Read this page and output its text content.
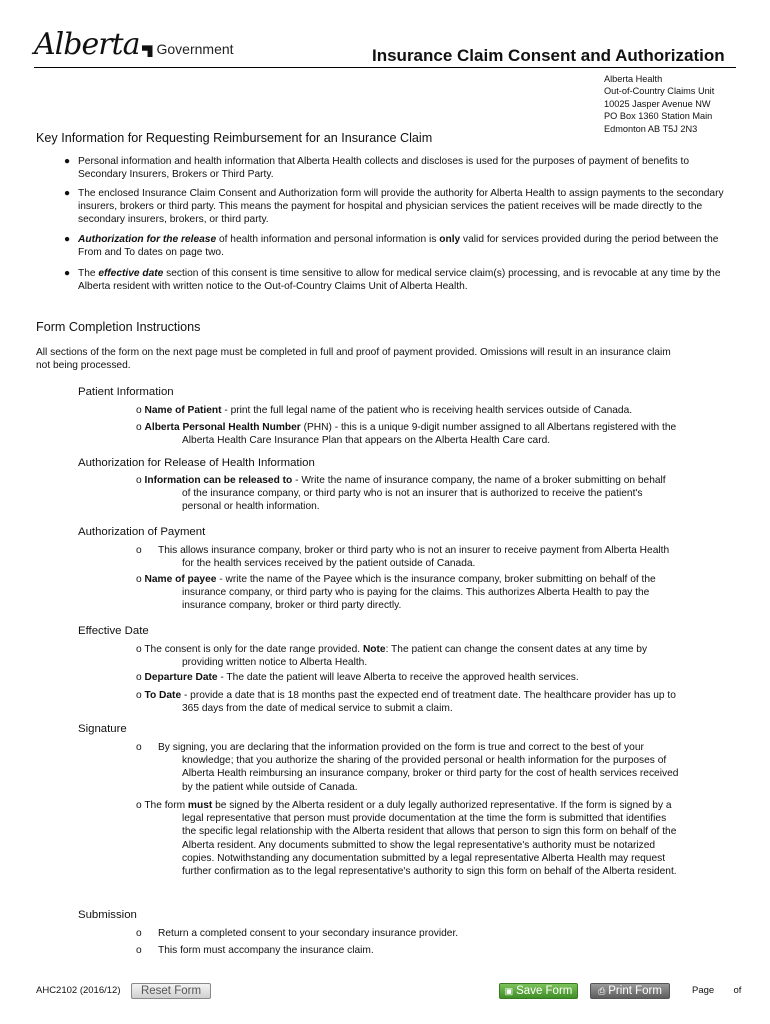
Alberta Government	Insurance Claim Consent and Authorization
Alberta Health
Out-of-Country Claims Unit
10025 Jasper Avenue NW
PO Box 1360 Station Main
Edmonton AB T5J 2N3
Key Information for Requesting Reimbursement for an Insurance Claim
● Personal information and health information that Alberta Health collects and discloses is used for the purposes of payment of benefits to Secondary Insurers, Brokers or Third Party.
● The enclosed Insurance Claim Consent and Authorization form will provide the authority for Alberta Health to assign payments to the secondary insurers, brokers or third party. This means the payment for hospital and physician services the patient receives will be made directly to the secondary insurers, brokers, or third party.
● Authorization for the release of health information and personal information is only valid for services provided during the period between the From and To dates on page two.
● The effective date section of this consent is time sensitive to allow for medical service claim(s) processing, and is revocable at any time by the Alberta resident with written notice to the Out-of-Country Claims Unit of Alberta Health.
Form Completion Instructions
All sections of the form on the next page must be completed in full and proof of payment provided. Omissions will result in an insurance claim
not being processed.
Patient Information
o Name of Patient - print the full legal name of the patient who is receiving health services outside of Canada.
o Alberta Personal Health Number (PHN) - this is a unique 9-digit number assigned to all Albertans registered with the
Alberta Health Care Insurance Plan that appears on the Alberta Health Care card.
Authorization for Release of Health Information
o Information can be released to - Write the name of insurance company, the name of a broker submitting on behalf
of the insurance company, or third party who is not an insurer that is authorized to receive the patient's
personal or health information.
Authorization of Payment
o This allows insurance company, broker or third party who is not an insurer to receive payment from Alberta Health
for the health services received by the patient outside of Canada.
o Name of payee - write the name of the Payee which is the insurance company, broker submitting on behalf of the
insurance company, or third party who is paying for the claims. This authorizes Alberta Health to pay the
insurance company, broker or third party directly.
Effective Date
o The consent is only for the date range provided. Note: The patient can change the consent dates at any time by
providing written notice to Alberta Health.
o Departure Date - The date the patient will leave Alberta to receive the approved health services.
o To Date - provide a date that is 18 months past the expected end of treatment date. The healthcare provider has up to
365 days from the date of medical service to submit a claim.
Signature
o By signing, you are declaring that the information provided on the form is true and correct to the best of your
knowledge; that you authorize the sharing of the provided personal or health information for the purposes of
Alberta Health reimbursing an insurance company, broker or third party for the cost of health services received
by the patient while outside of Canada.
o The form must be signed by the Alberta resident or a duly legally authorized representative. If the form is signed by a
legal representative that person must provide documentation at the time the form is submitted that identifies
the specific legal relationship with the Alberta resident that allows that person to sign this form on behalf of the
Alberta resident. Any documents submitted to show the legal representative's authority must be notarized
copies. Notwithstanding any documentation submitted by a legal representative Alberta Health may request
further confirmation as to the legal representative's authority to sign this form on behalf of the Alberta resident.
Submission
o Return a completed consent to your secondary insurance provider.
o This form must accompany the insurance claim.
AHC2102 (2016/12)	Reset Form	▣ Save Form	⎙ Print Form	Page of
